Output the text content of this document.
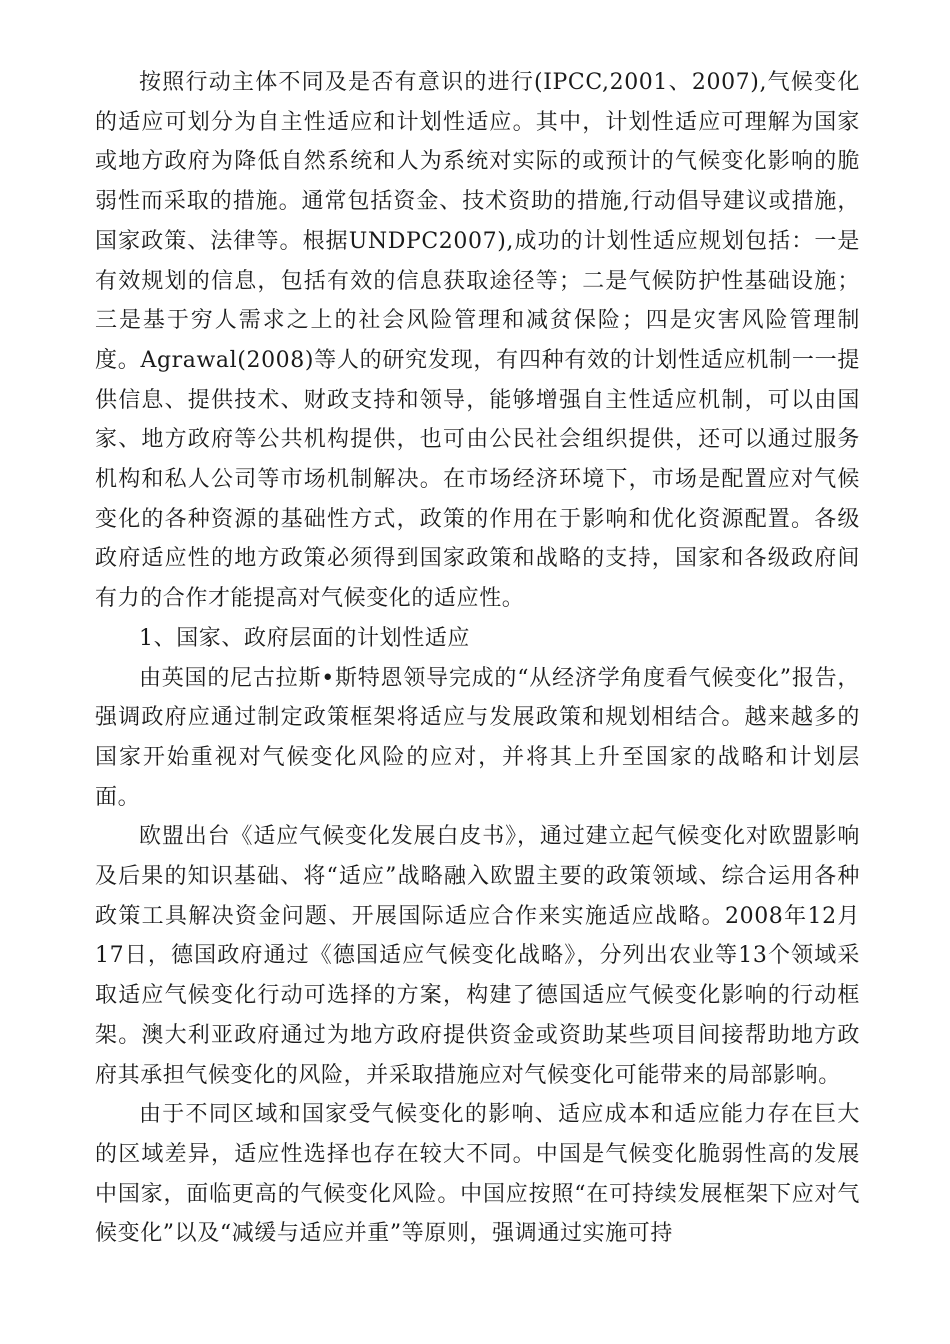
按照行动主体不同及是否有意识的进行(IPCC,2001、2007),气候变化的适应可划分为自主性适应和计划性适应。其中，计划性适应可理解为国家或地方政府为降低自然系统和人为系统对实际的或预计的气候变化影响的脆弱性而采取的措施。通常包括资金、技术资助的措施,行动倡导建议或措施，国家政策、法律等。根据UNDPC2007),成功的计划性适应规划包括：一是有效规划的信息，包括有效的信息获取途径等；二是气候防护性基础设施；三是基于穷人需求之上的社会风险管理和减贫保险；四是灾害风险管理制度。Agrawal(2008)等人的研究发现，有四种有效的计划性适应机制一一提供信息、提供技术、财政支持和领导，能够增强自主性适应机制，可以由国家、地方政府等公共机构提供，也可由公民社会组织提供，还可以通过服务机构和私人公司等市场机制解决。在市场经济环境下，市场是配置应对气候变化的各种资源的基础性方式，政策的作用在于影响和优化资源配置。各级政府适应性的地方政策必须得到国家政策和战略的支持，国家和各级政府间有力的合作才能提高对气候变化的适应性。

1、国家、政府层面的计划性适应

由英国的尼古拉斯•斯特恩领导完成的“从经济学角度看气候变化”报告，强调政府应通过制定政策框架将适应与发展政策和规划相结合。越来越多的国家开始重视对气候变化风险的应对，并将其上升至国家的战略和计划层面。

欧盟出台《适应气候变化发展白皮书》，通过建立起气候变化对欧盟影响及后果的知识基础、将“适应”战略融入欧盟主要的政策领域、综合运用各种政策工具解决资金问题、开展国际适应合作来实施适应战略。2008年12月17日，德国政府通过《德国适应气候变化战略》，分列出农业等13个领域采取适应气候变化行动可选择的方案，构建了德国适应气候变化影响的行动框架。澳大利亚政府通过为地方政府提供资金或资助某些项目间接帮助地方政府其承担气候变化的风险，并采取措施应对气候变化可能带来的局部影响。

由于不同区域和国家受气候变化的影响、适应成本和适应能力存在巨大的区域差异，适应性选择也存在较大不同。中国是气候变化脆弱性高的发展中国家，面临更高的气候变化风险。中国应按照“在可持续发展框架下应对气候变化”以及“减缓与适应并重”等原则，强调通过实施可持
